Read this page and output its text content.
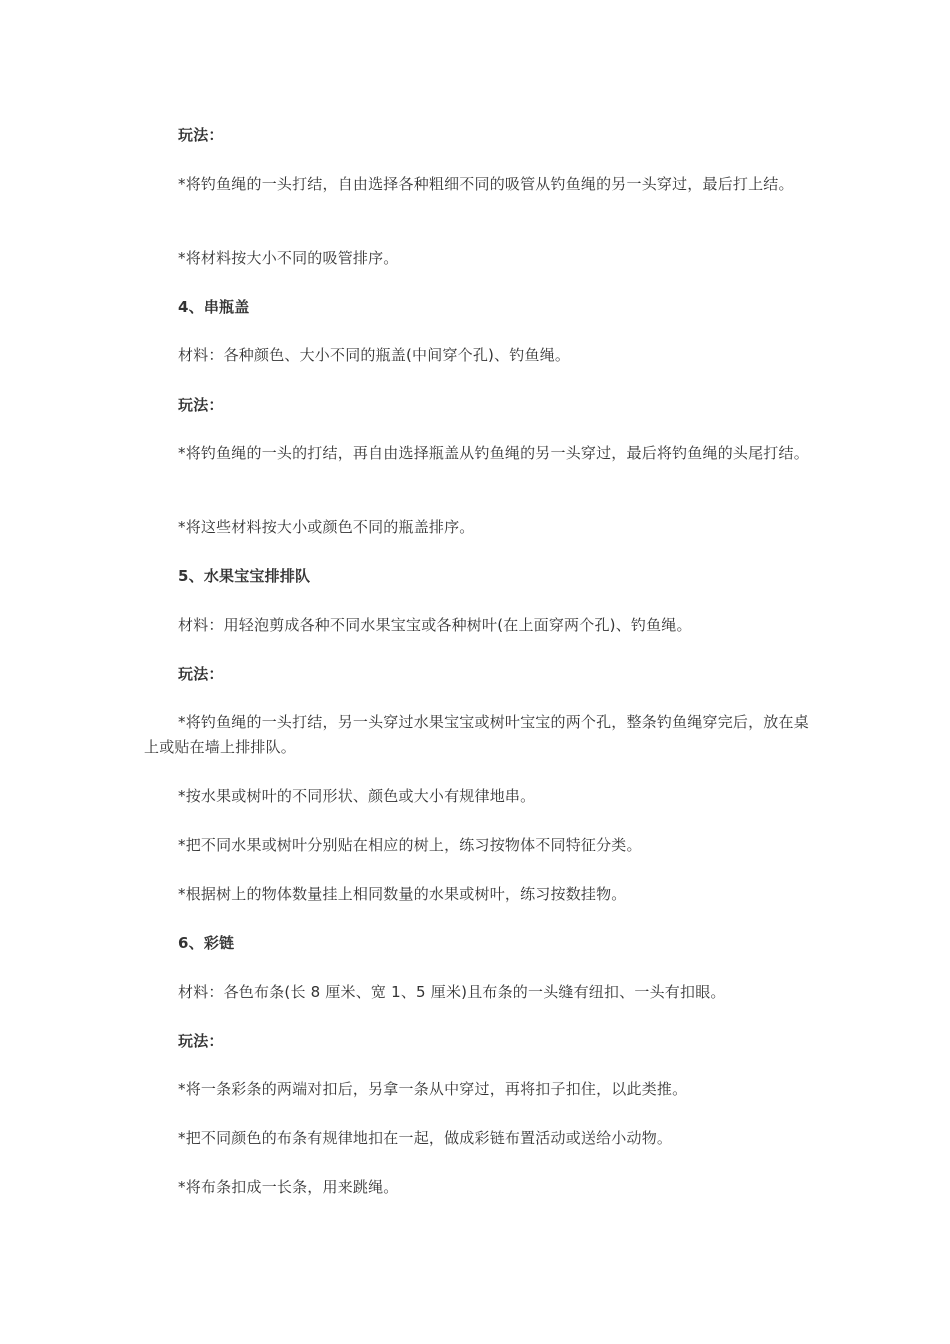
玩法：

*将钓鱼绳的一头打结，自由选择各种粗细不同的吸管从钓鱼绳的另一头穿过，最后打上结。

*将材料按大小不同的吸管排序。

4、串瓶盖

材料：各种颜色、大小不同的瓶盖(中间穿个孔)、钓鱼绳。

玩法：

*将钓鱼绳的一头的打结，再自由选择瓶盖从钓鱼绳的另一头穿过，最后将钓鱼绳的头尾打结。

*将这些材料按大小或颜色不同的瓶盖排序。

5、水果宝宝排排队

材料：用轻泡剪成各种不同水果宝宝或各种树叶(在上面穿两个孔)、钓鱼绳。

玩法：

*将钓鱼绳的一头打结，另一头穿过水果宝宝或树叶宝宝的两个孔，整条钓鱼绳穿完后，放在桌上或贴在墙上排排队。

*按水果或树叶的不同形状、颜色或大小有规律地串。

*把不同水果或树叶分别贴在相应的树上，练习按物体不同特征分类。

*根据树上的物体数量挂上相同数量的水果或树叶，练习按数挂物。

6、彩链

材料：各色布条(长 8 厘米、宽 1、5 厘米)且布条的一头缝有纽扣、一头有扣眼。

玩法：

*将一条彩条的两端对扣后，另拿一条从中穿过，再将扣子扣住，以此类推。

*把不同颜色的布条有规律地扣在一起，做成彩链布置活动或送给小动物。

*将布条扣成一长条，用来跳绳。
